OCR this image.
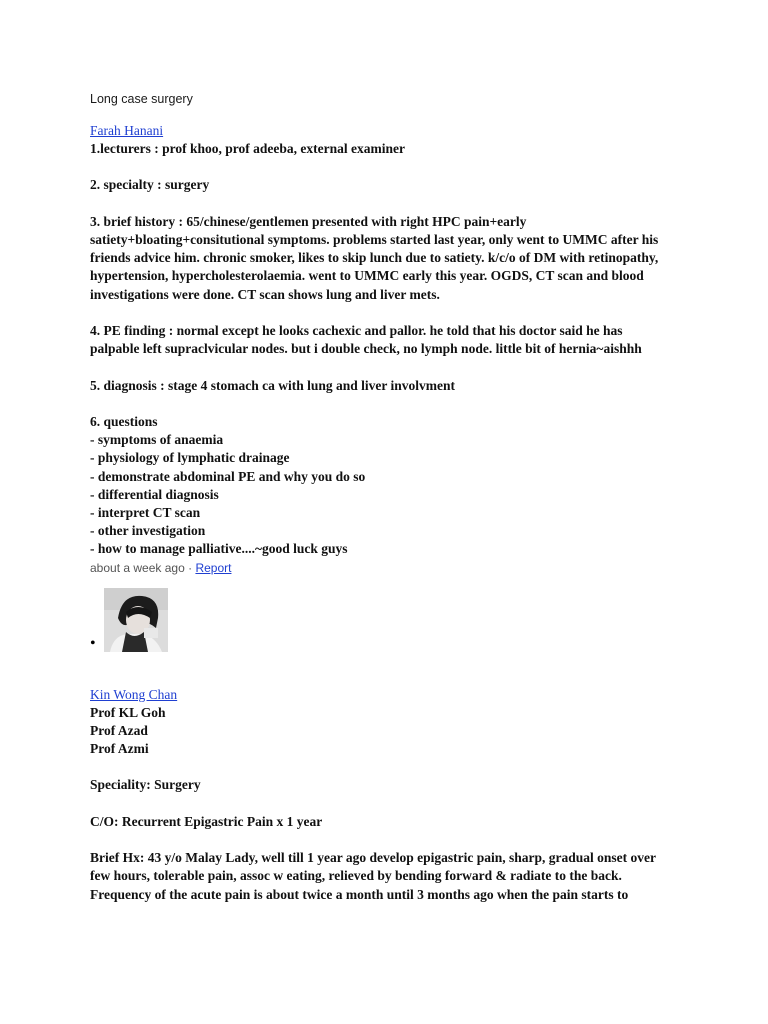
Long case surgery
Farah Hanani
1.lecturers : prof khoo, prof adeeba, external examiner
2. specialty : surgery
3. brief history : 65/chinese/gentlemen presented with right HPC pain+early
satiety+bloating+consitutional symptoms. problems started last year, only went to UMMC after his
friends advice him. chronic smoker, likes to skip lunch due to satiety. k/c/o of DM with retinopathy,
hypertension, hypercholesterolaemia. went to UMMC early this year. OGDS, CT scan and blood
investigations were done. CT scan shows lung and liver mets.
4. PE finding : normal except he looks cachexic and pallor. he told that his doctor said he has
palpable left supraclvicular nodes. but i double check, no lymph node. little bit of hernia~aishhh
5. diagnosis : stage 4 stomach ca with lung and liver involvment
6. questions
- symptoms of anaemia
- physiology of lymphatic drainage
- demonstrate abdominal PE and why you do so
- differential diagnosis
- interpret CT scan
- other investigation
- how to manage palliative....~good luck guys
about a week ago · Report
•
Kin Wong Chan
Prof KL Goh
Prof Azad
Prof Azmi
Speciality: Surgery
C/O: Recurrent Epigastric Pain x 1 year
Brief Hx: 43 y/o Malay Lady, well till 1 year ago develop epigastric pain, sharp, gradual onset over
few hours, tolerable pain, assoc w eating, relieved by bending forward & radiate to the back.
Frequency of the acute pain is about twice a month until 3 months ago when the pain starts to
